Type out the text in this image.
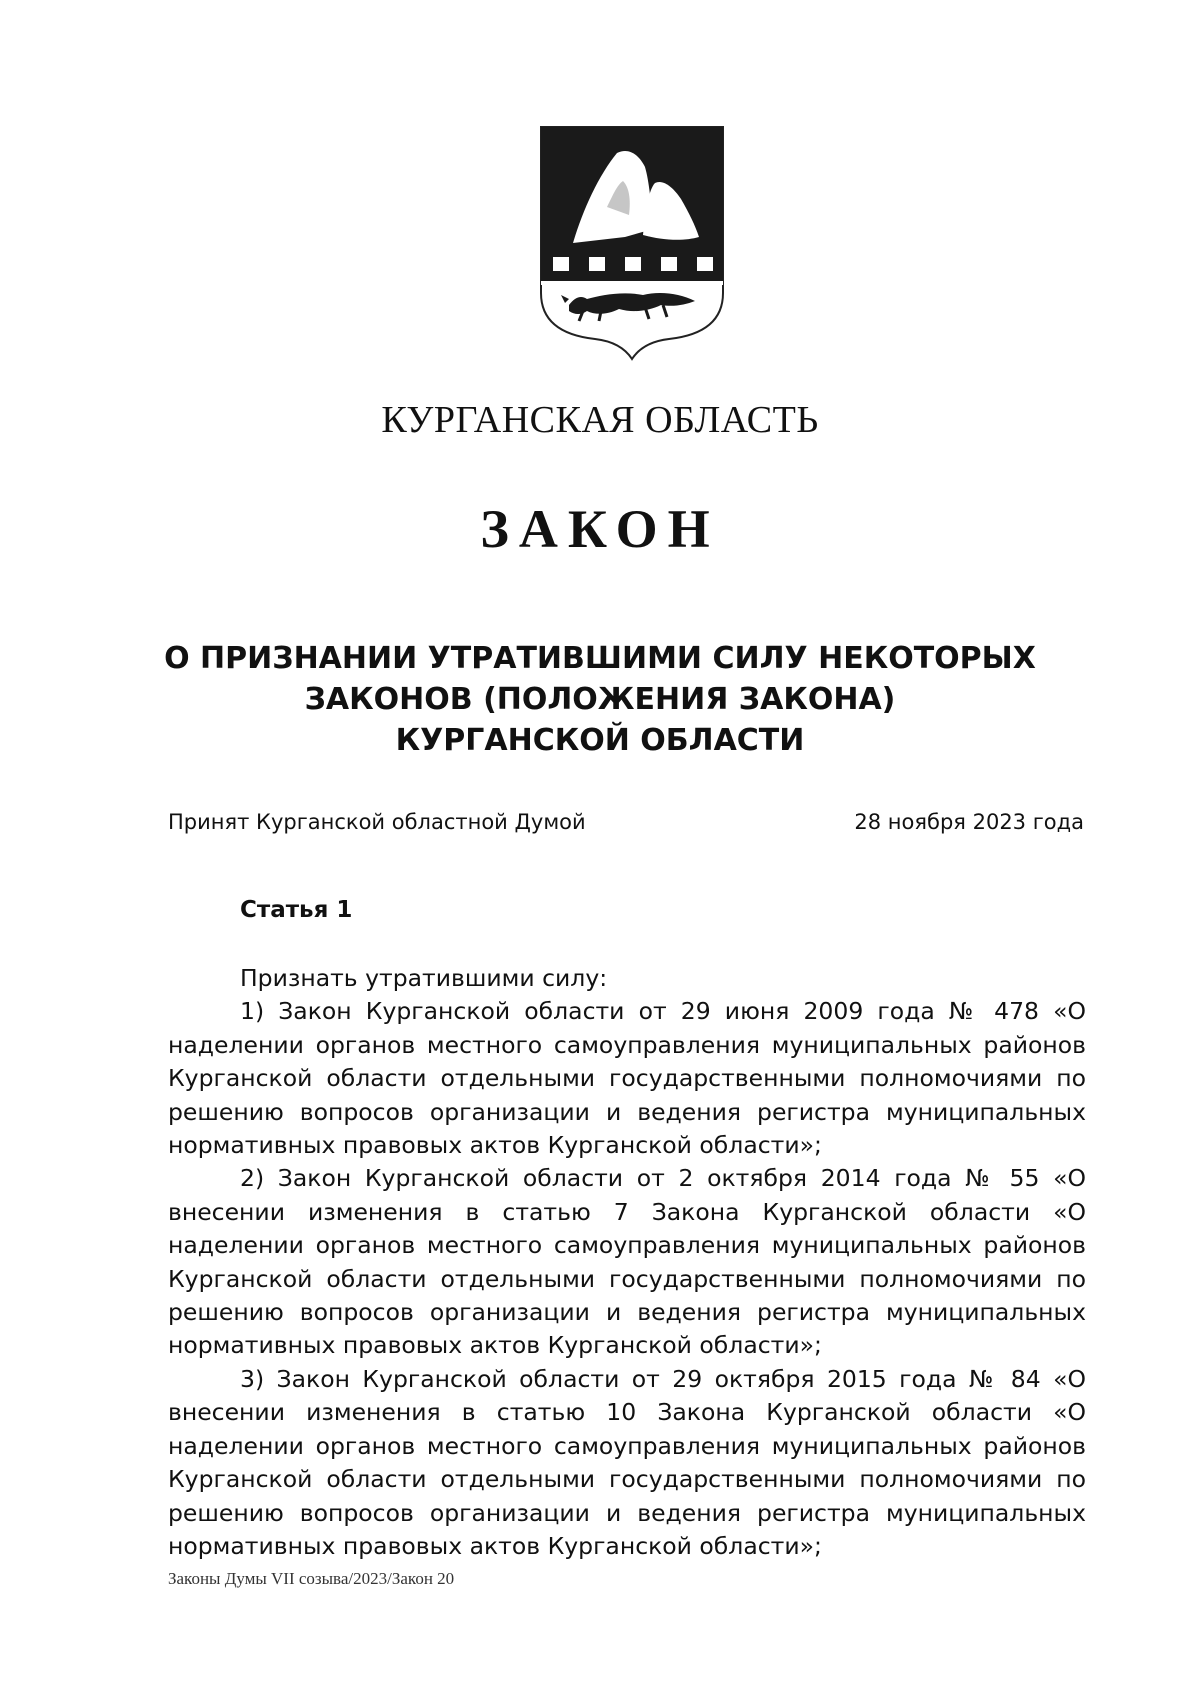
КУРГАНСКАЯ ОБЛАСТЬ
ЗАКОН
О ПРИЗНАНИИ УТРАТИВШИМИ СИЛУ НЕКОТОРЫХ
ЗАКОНОВ (ПОЛОЖЕНИЯ ЗАКОНА)
КУРГАНСКОЙ ОБЛАСТИ
Принят Курганской областной Думой	28 ноября 2023 года
Статья 1

Признать утратившими силу:

1) Закон Курганской области от 29 июня 2009 года № 478 «О наделении органов местного самоуправления муниципальных районов Курганской области отдельными государственными полномочиями по решению вопросов организации и ведения регистра муниципальных нормативных правовых актов Курганской области»;

2) Закон Курганской области от 2 октября 2014 года № 55 «О внесении изменения в статью 7 Закона Курганской области «О наделении органов местного самоуправления муниципальных районов Курганской области отдельными государственными полномочиями по решению вопросов организации и ведения регистра муниципальных нормативных правовых актов Курганской области»;

3) Закон Курганской области от 29 октября 2015 года № 84 «О внесении изменения в статью 10 Закона Курганской области «О наделении органов местного самоуправления муниципальных районов Курганской области отдельными государственными полномочиями по решению вопросов организации и ведения регистра муниципальных нормативных правовых актов Курганской области»;

Законы Думы VII созыва/2023/Закон 20
